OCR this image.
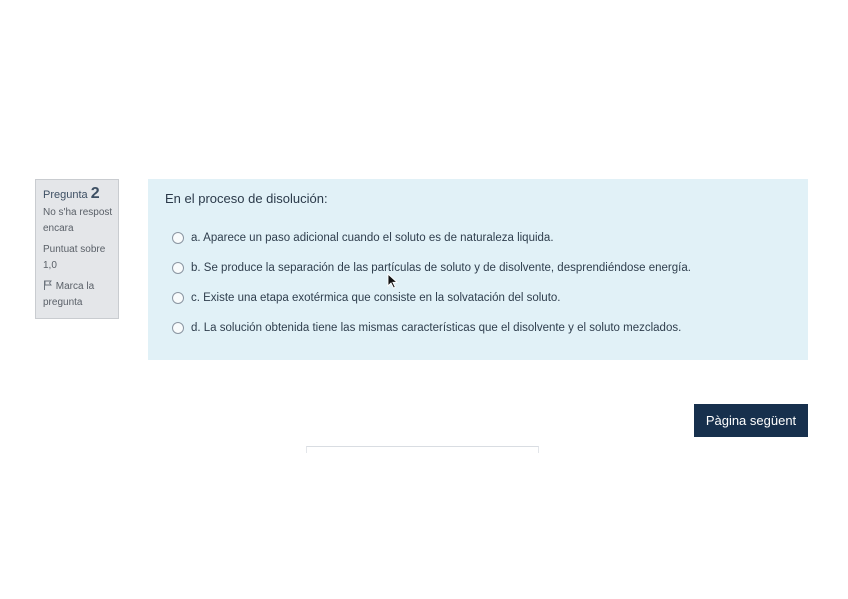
Pregunta 2
No s'ha respost
encara
Puntuat sobre
1,0
Marca la
pregunta

En el proceso de disolución:

a. Aparece un paso adicional cuando el soluto es de naturaleza liquida.
b. Se produce la separación de las partículas de soluto y de disolvente, desprendiéndose energía.
c. Existe una etapa exotérmica que consiste en la solvatación del soluto.
d. La solución obtenida tiene las mismas características que el disolvente y el soluto mezclados.
Pàgina següent
